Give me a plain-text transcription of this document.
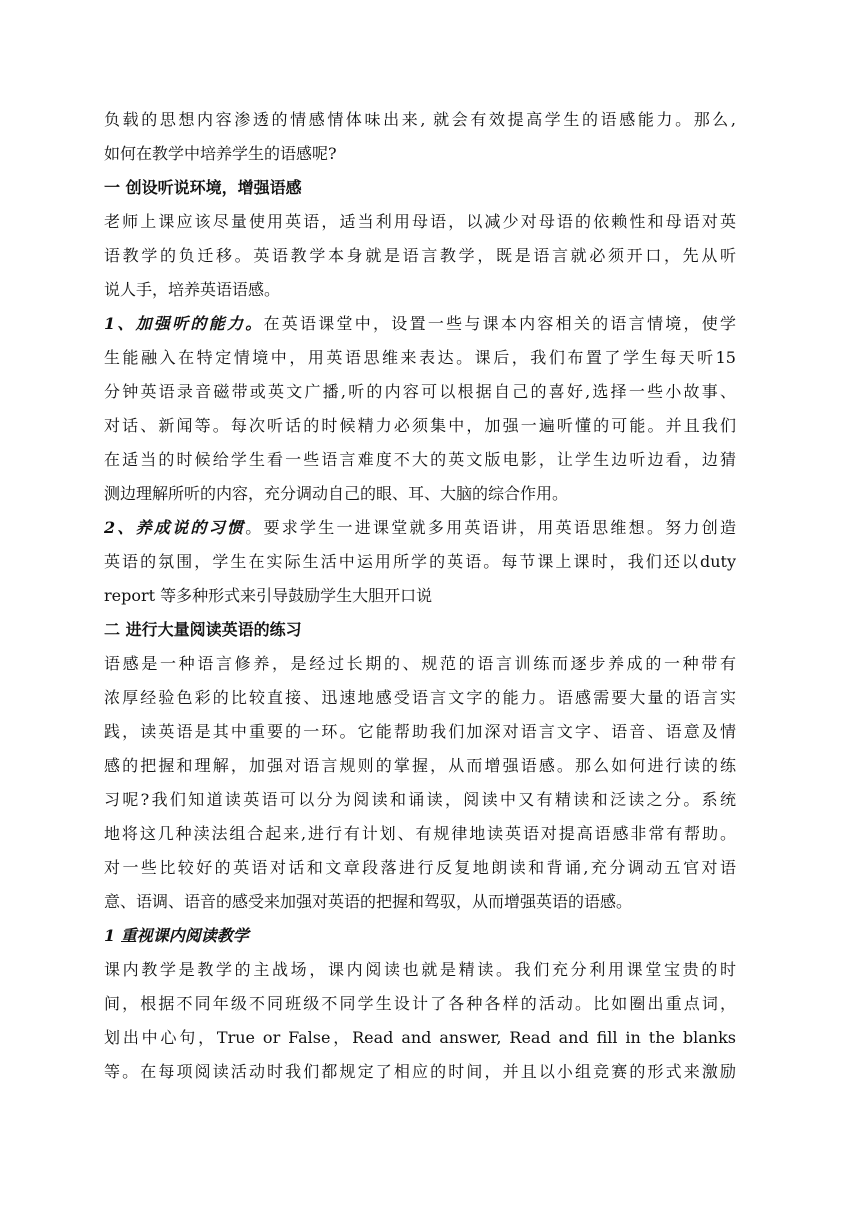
负载的思想内容渗透的情感情体味出来, 就会有效提高学生的语感能力。那么,
如何在教学中培养学生的语感呢?
一 创设听说环境，增强语感
老师上课应该尽量使用英语，适当利用母语，以减少对母语的依赖性和母语对英
语教学的负迁移。英语教学本身就是语言教学，既是语言就必须开口，先从听
说人手，培养英语语感。
1、加强听的能力。在英语课堂中，设置一些与课本内容相关的语言情境，使学
生能融入在特定情境中，用英语思维来表达。课后，我们布置了学生每天听15
分钟英语录音磁带或英文广播,听的内容可以根据自己的喜好,选择一些小故事、
对话、新闻等。每次听话的时候精力必须集中，加强一遍听懂的可能。并且我们
在适当的时候给学生看一些语言难度不大的英文版电影，让学生边听边看，边猜
测边理解所听的内容，充分调动自己的眼、耳、大脑的综合作用。
2、养成说的习惯。要求学生一进课堂就多用英语讲，用英语思维想。努力创造
英语的氛围，学生在实际生活中运用所学的英语。每节课上课时，我们还以duty
report 等多种形式来引导鼓励学生大胆开口说
二 进行大量阅读英语的练习
语感是一种语言修养，是经过长期的、规范的语言训练而逐步养成的一种带有
浓厚经验色彩的比较直接、迅速地感受语言文字的能力。语感需要大量的语言实
践，读英语是其中重要的一环。它能帮助我们加深对语言文字、语音、语意及情
感的把握和理解，加强对语言规则的掌握，从而增强语感。那么如何进行读的练
习呢?我们知道读英语可以分为阅读和诵读，阅读中又有精读和泛读之分。系统
地将这几种渎法组合起来,进行有计划、有规律地读英语对提高语感非常有帮助。
对一些比较好的英语对话和文章段落进行反复地朗读和背诵,充分调动五官对语
意、语调、语音的感受来加强对英语的把握和驾驭，从而增强英语的语感。
1 重视课内阅读教学
课内教学是教学的主战场，课内阅读也就是精读。我们充分利用课堂宝贵的时
间，根据不同年级不同班级不同学生设计了各种各样的活动。比如圈出重点词，
划出中心句，True or False，Read and answer, Read and fill in the blanks
等。在每项阅读活动时我们都规定了相应的时间，并且以小组竞赛的形式来激励
